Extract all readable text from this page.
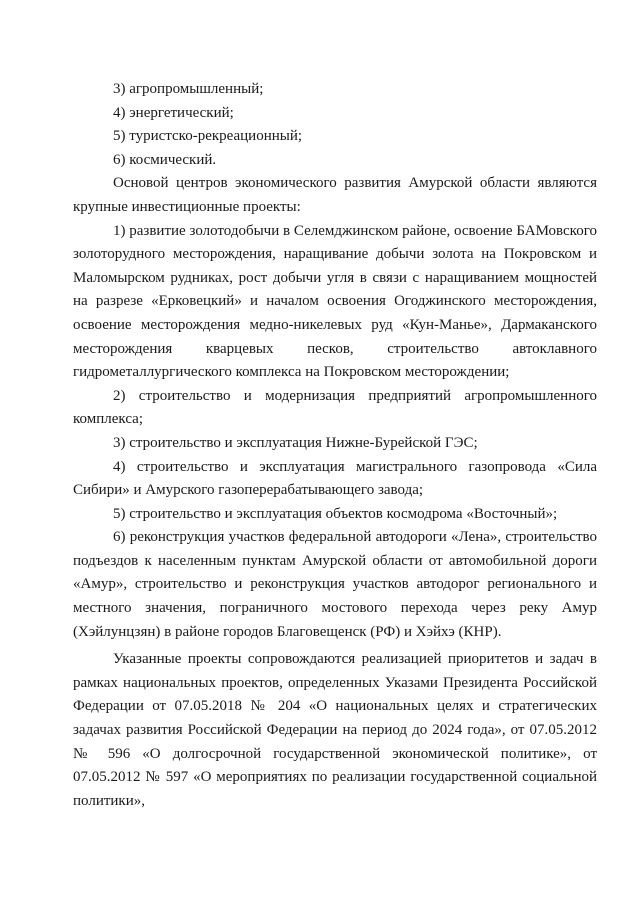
3) агропромышленный;

4) энергетический;

5) туристско-рекреационный;

6) космический.

Основой центров экономического развития Амурской области являются крупные инвестиционные проекты:

1) развитие золотодобычи в Селемджинском районе, освоение БАМовского золоторудного месторождения, наращивание добычи золота на Покровском и Маломырском рудниках, рост добычи угля в связи с наращиванием мощностей на разрезе «Ерковецкий» и началом освоения Огоджинского месторождения, освоение месторождения медно-никелевых руд «Кун-Манье», Дармаканского месторождения кварцевых песков, строительство автоклавного гидрометаллургического комплекса на Покровском месторождении;

2) строительство и модернизация предприятий агропромышленного комплекса;

3) строительство и эксплуатация Нижне-Бурейской ГЭС;

4) строительство и эксплуатация магистрального газопровода «Сила Сибири» и Амурского газоперерабатывающего завода;

5) строительство и эксплуатация объектов космодрома «Восточный»;

6) реконструкция участков федеральной автодороги «Лена», строительство подъездов к населенным пунктам Амурской области от автомобильной дороги «Амур», строительство и реконструкция участков автодорог регионального и местного значения, пограничного мостового перехода через реку Амур (Хэйлунцзян) в районе городов Благовещенск (РФ) и Хэйхэ (КНР).

Указанные проекты сопровождаются реализацией приоритетов и задач в рамках национальных проектов, определенных Указами Президента Российской Федерации от 07.05.2018 № 204 «О национальных целях и стратегических задачах развития Российской Федерации на период до 2024 года», от 07.05.2012 № 596 «О долгосрочной государственной экономической политике», от 07.05.2012 № 597 «О мероприятиях по реализации государственной социальной политики»,
